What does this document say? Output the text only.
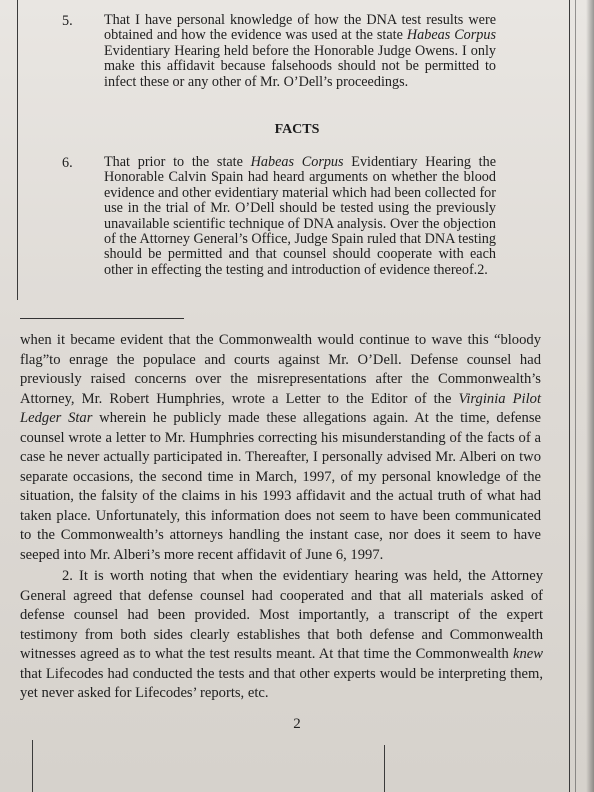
5. That I have personal knowledge of how the DNA test results were obtained and how the evidence was used at the state Habeas Corpus Evidentiary Hearing held before the Honorable Judge Owens. I only make this affidavit because falsehoods should not be permitted to infect these or any other of Mr. O’Dell’s proceedings.
FACTS
6. That prior to the state Habeas Corpus Evidentiary Hearing the Honorable Calvin Spain had heard arguments on whether the blood evidence and other evidentiary material which had been collected for use in the trial of Mr. O’Dell should be tested using the previously unavailable scientific technique of DNA analysis. Over the objection of the Attorney General’s Office, Judge Spain ruled that DNA testing should be permitted and that counsel should cooperate with each other in effecting the testing and introduction of evidence thereof.2.
when it became evident that the Commonwealth would continue to wave this “bloody flag”to enrage the populace and courts against Mr. O’Dell. Defense counsel had previously raised concerns over the misrepresentations after the Commonwealth’s Attorney, Mr. Robert Humphries, wrote a Letter to the Editor of the Virginia Pilot Ledger Star wherein he publicly made these allegations again. At the time, defense counsel wrote a letter to Mr. Humphries correcting his misunderstanding of the facts of a case he never actually participated in. Thereafter, I personally advised Mr. Alberi on two separate occasions, the second time in March, 1997, of my personal knowledge of the situation, the falsity of the claims in his 1993 affidavit and the actual truth of what had taken place. Unfortunately, this information does not seem to have been communicated to the Commonwealth’s attorneys handling the instant case, nor does it seem to have seeped into Mr. Alberi’s more recent affidavit of June 6, 1997.
2. It is worth noting that when the evidentiary hearing was held, the Attorney General agreed that defense counsel had cooperated and that all materials asked of defense counsel had been provided. Most importantly, a transcript of the expert testimony from both sides clearly establishes that both defense and Commonwealth witnesses agreed as to what the test results meant. At that time the Commonwealth knew that Lifecodes had conducted the tests and that other experts would be interpreting them, yet never asked for Lifecodes’ reports, etc.
2
